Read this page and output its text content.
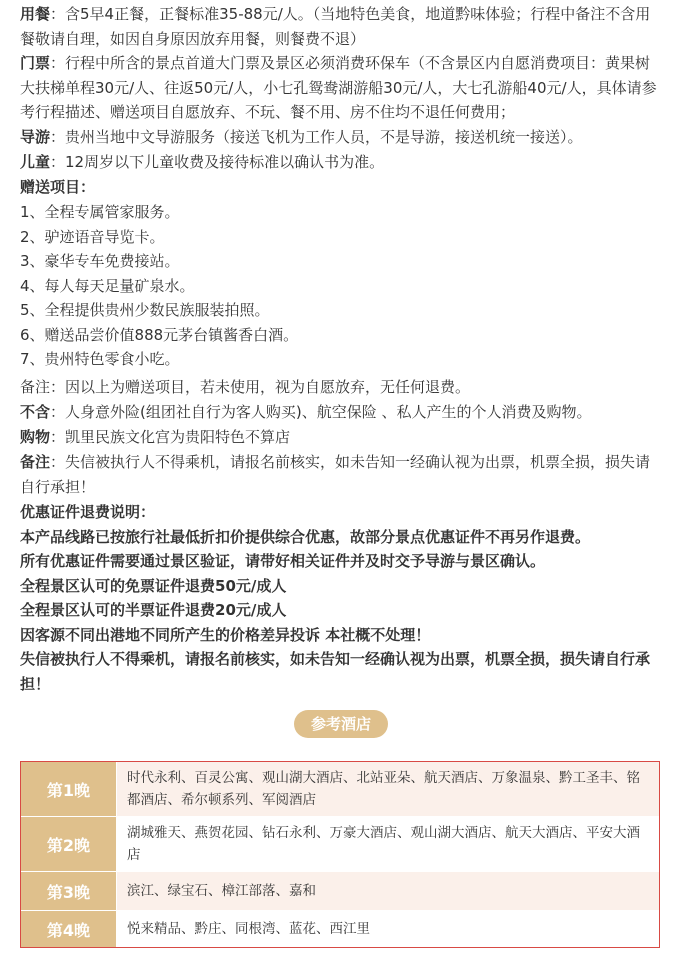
用餐：含5早4正餐，正餐标准35-88元/人。（当地特色美食，地道黔味体验；行程中备注不含用餐敬请自理，如因自身原因放弃用餐，则餐费不退）

门票：行程中所含的景点首道大门票及景区必须消费环保车（不含景区内自愿消费项目：黄果树大扶梯单程30元/人、往返50元/人，小七孔鸳鸯湖游船30元/人，大七孔游船40元/人，具体请参考行程描述、赠送项目自愿放弃、不玩、餐不用、房不住均不退任何费用；

导游：贵州当地中文导游服务（接送飞机为工作人员，不是导游，接送机统一接送）。

儿童：12周岁以下儿童收费及接待标准以确认书为准。

赠送项目：

1、全程专属管家服务。
2、驴迹语音导览卡。
3、豪华专车免费接站。
4、每人每天足量矿泉水。
5、全程提供贵州少数民族服装拍照。
6、赠送品尝价值888元茅台镇酱香白酒。
7、贵州特色零食小吃。

备注：因以上为赠送项目，若未使用，视为自愿放弃，无任何退费。

不含：人身意外险(组团社自行为客人购买)、航空保险 、私人产生的个人消费及购物。

购物：凯里民族文化宫为贵阳特色不算店

备注：失信被执行人不得乘机，请报名前核实，如未告知一经确认视为出票，机票全损，损失请自行承担！

优惠证件退费说明：
本产品线路已按旅行社最低折扣价提供综合优惠，故部分景点优惠证件不再另作退费。
所有优惠证件需要通过景区验证，请带好相关证件并及时交予导游与景区确认。
全程景区认可的免票证件退费50元/成人
全程景区认可的半票证件退费20元/成人
因客源不同出港地不同所产生的价格差异投诉 本社概不处理！
失信被执行人不得乘机，请报名前核实，如未告知一经确认视为出票，机票全损，损失请自行承担！
参考酒店
第1晚
时代永利、百灵公寓、观山湖大酒店、北站亚朵、航天酒店、万象温泉、黔工圣丰、铭都酒店、希尔顿系列、军阅酒店
第2晚
湖城雅天、燕贺花园、钻石永利、万豪大酒店、观山湖大酒店、航天大酒店、平安大酒店
第3晚	滨江、绿宝石、樟江部落、嘉和
第4晚	悦来精品、黔庄、同根湾、蓝花、西江里
